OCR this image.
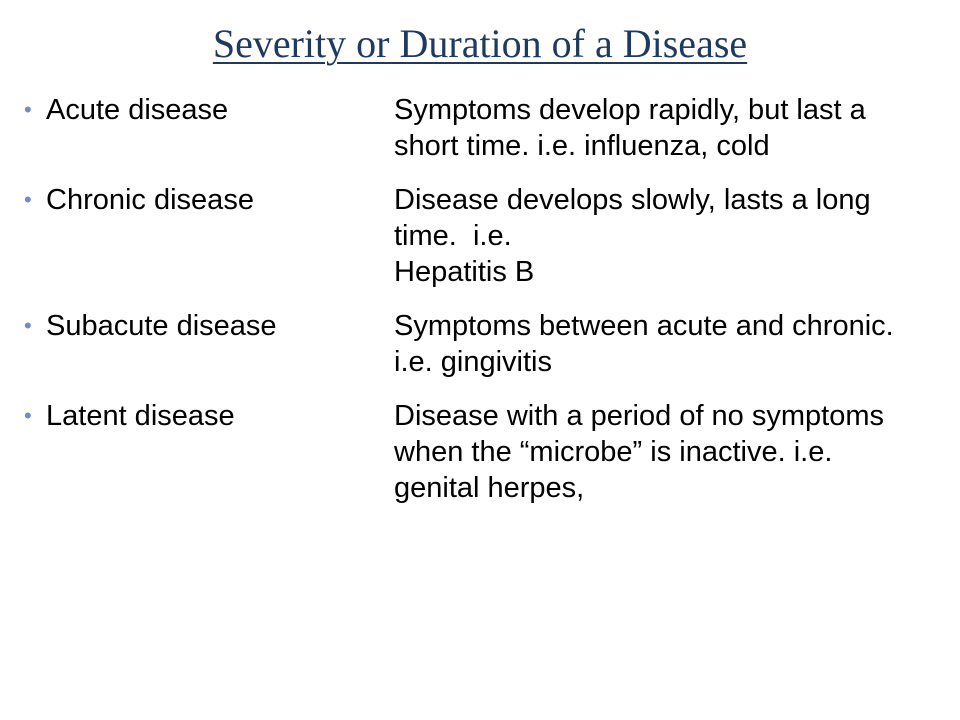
Severity or Duration of a Disease
• Acute disease	Symptoms develop rapidly, but last a short time. i.e. influenza, cold
• Chronic disease	Disease develops slowly, lasts a long time.  i.e.
Hepatitis B
• Subacute disease	Symptoms between acute and chronic. i.e. gingivitis
• Latent disease	Disease with a period of no symptoms when the “microbe” is inactive. i.e. genital herpes,
